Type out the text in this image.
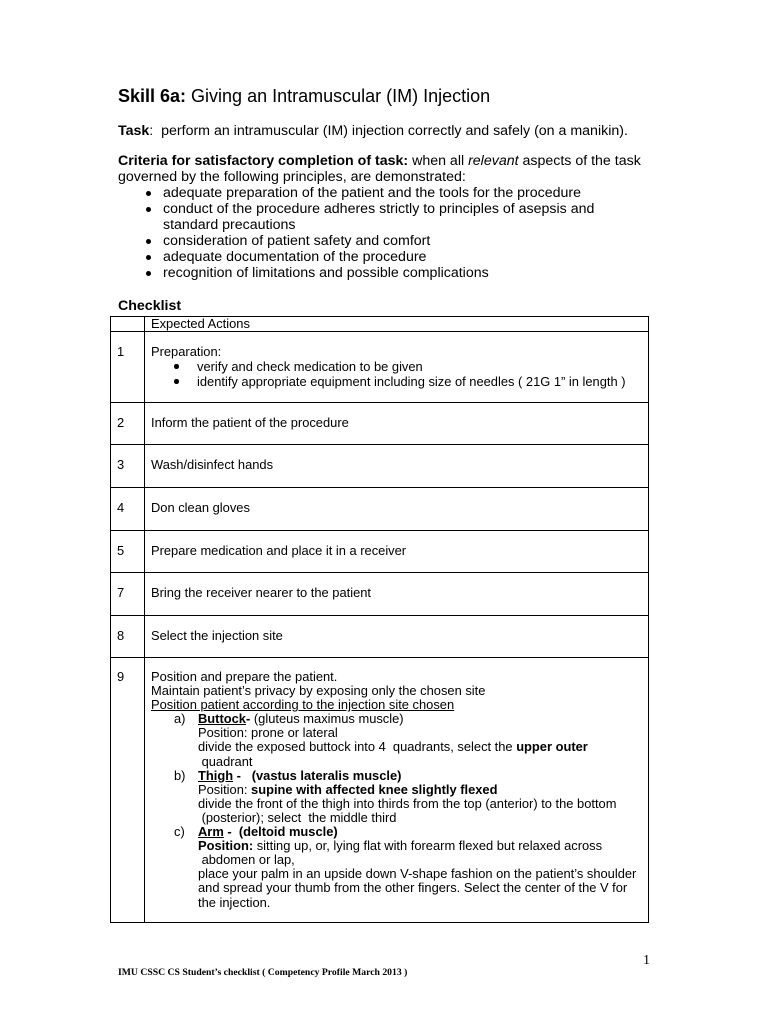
Skill 6a: Giving an Intramuscular (IM) Injection
Task:  perform an intramuscular (IM) injection correctly and safely (on a manikin).
Criteria for satisfactory completion of task: when all relevant aspects of the task
governed by the following principles, are demonstrated:
adequate preparation of the patient and the tools for the procedure
conduct of the procedure adheres strictly to principles of asepsis and
standard precautions
consideration of patient safety and comfort
adequate documentation of the procedure
recognition of limitations and possible complications
Checklist
Expected Actions
1	Preparation:
verify and check medication to be given
identify appropriate equipment including size of needles ( 21G 1” in length )
2	Inform the patient of the procedure
3	Wash/disinfect hands
4	Don clean gloves
5	Prepare medication and place it in a receiver
7	Bring the receiver nearer to the patient
8	Select the injection site
9	Position and prepare the patient.
Maintain patient’s privacy by exposing only the chosen site
Position patient according to the injection site chosen
a) Buttock- (gluteus maximus muscle)
Position: prone or lateral
divide the exposed buttock into 4  quadrants, select the upper outer
quadrant
b) Thigh -   (vastus lateralis muscle)
Position: supine with affected knee slightly flexed
divide the front of the thigh into thirds from the top (anterior) to the bottom
(posterior); select  the middle third
c) Arm -  (deltoid muscle)
Position: sitting up, or, lying flat with forearm flexed but relaxed across
abdomen or lap,
place your palm in an upside down V-shape fashion on the patient’s shoulder
and spread your thumb from the other fingers. Select the center of the V for
the injection.
1
IMU CSSC CS Student’s checklist ( Competency Profile March 2013 )
